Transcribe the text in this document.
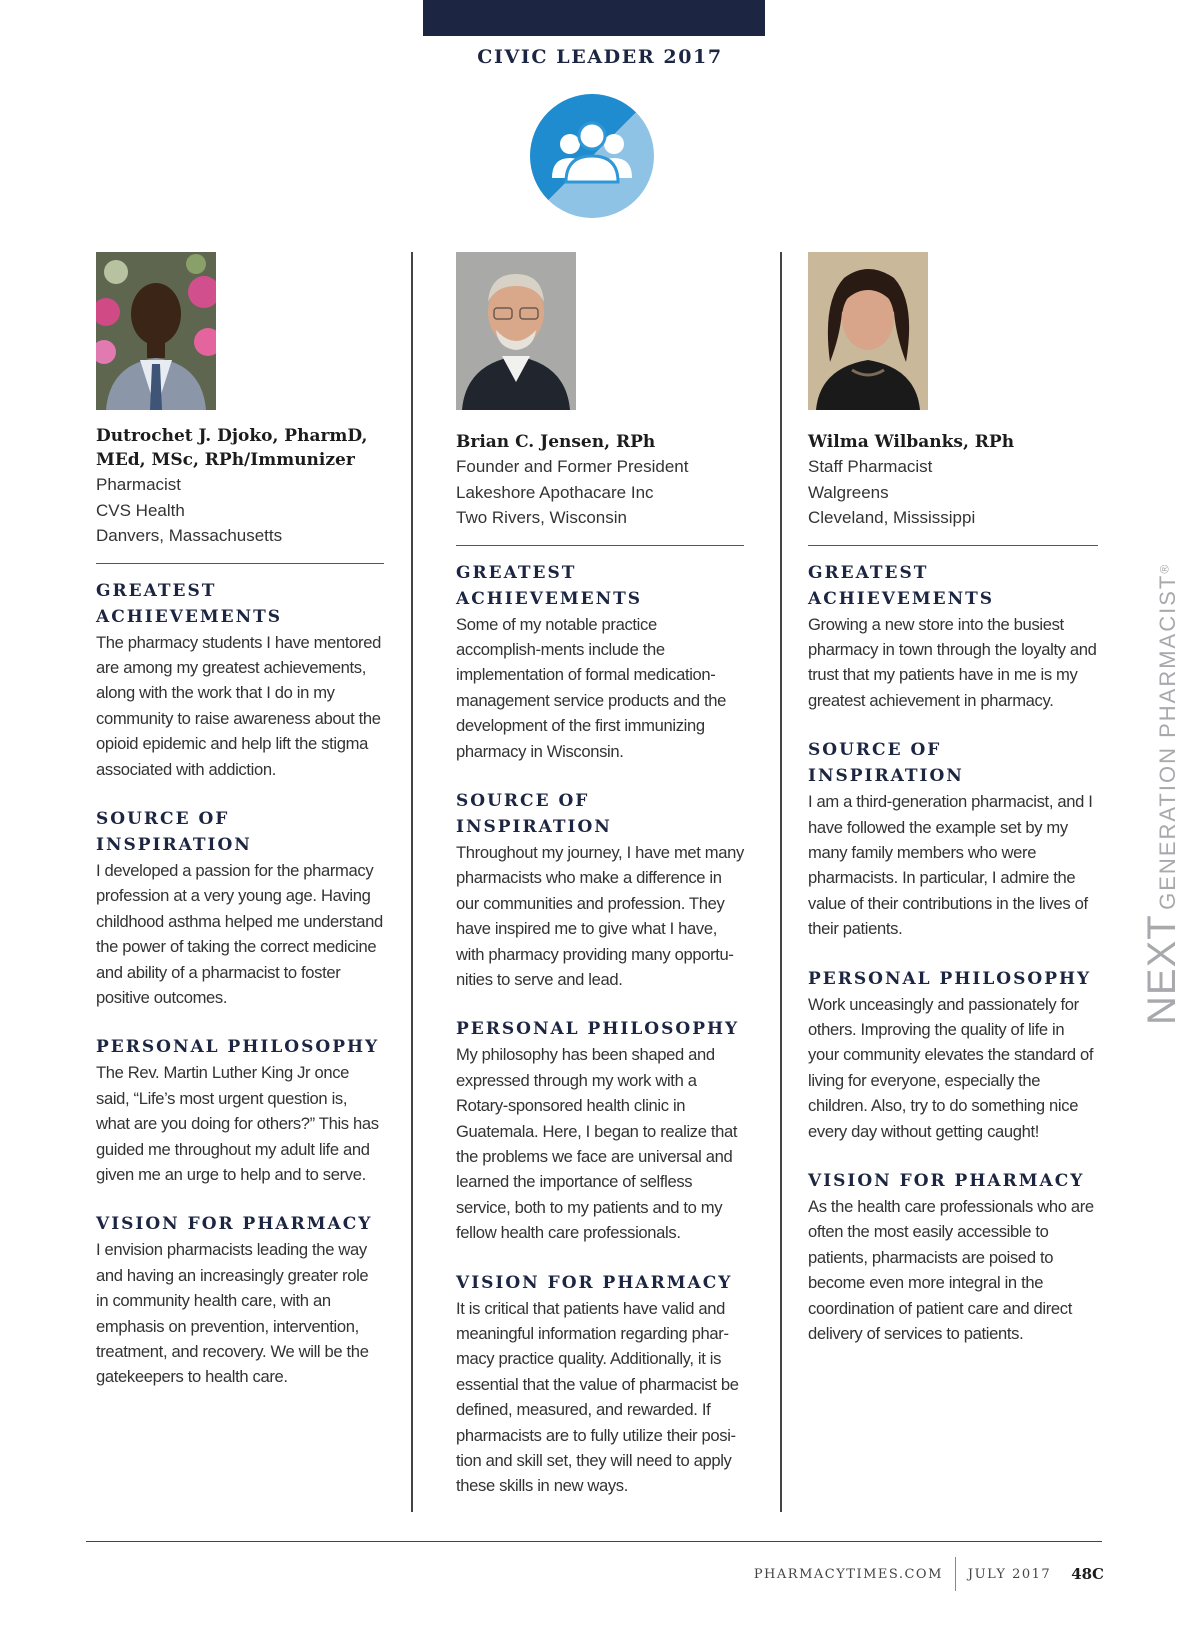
CIVIC LEADER 2017
Dutrochet J. Djoko, PharmD,
MEd, MSc, RPh/Immunizer
Pharmacist
CVS Health
Danvers, Massachusetts
GREATEST ACHIEVEMENTS
The pharmacy students I have mentored are among my greatest achievements, along with the work that I do in my community to raise awareness about the opioid epidemic and help lift the stigma associated with addiction.
SOURCE OF INSPIRATION
I developed a passion for the pharmacy profession at a very young age. Having childhood asthma helped me understand the power of taking the correct medicine and ability of a pharmacist to foster positive outcomes.
PERSONAL PHILOSOPHY
The Rev. Martin Luther King Jr once said, “Life’s most urgent question is, what are you doing for others?” This has guided me throughout my adult life and given me an urge to help and to serve.
VISION FOR PHARMACY
I envision pharmacists leading the way and having an increasingly greater role in community health care, with an emphasis on prevention, intervention, treatment, and recovery. We will be the gatekeepers to health care.
Brian C. Jensen, RPh
Founder and Former President
Lakeshore Apothacare Inc
Two Rivers, Wisconsin
GREATEST ACHIEVEMENTS
Some of my notable practice accomplish-ments include the implementation of formal medication-management service products and the development of the first immunizing pharmacy in Wisconsin.
SOURCE OF INSPIRATION
Throughout my journey, I have met many pharmacists who make a difference in our communities and profession. They have inspired me to give what I have, with pharmacy providing many opportu-nities to serve and lead.
PERSONAL PHILOSOPHY
My philosophy has been shaped and expressed through my work with a Rotary-sponsored health clinic in Guatemala. Here, I began to realize that the problems we face are universal and learned the importance of selfless service, both to my patients and to my fellow health care professionals.
VISION FOR PHARMACY
It is critical that patients have valid and meaningful information regarding phar-macy practice quality. Additionally, it is essential that the value of pharmacist be defined, measured, and rewarded. If pharmacists are to fully utilize their posi-tion and skill set, they will need to apply these skills in new ways.
Wilma Wilbanks, RPh
Staff Pharmacist
Walgreens
Cleveland, Mississippi
GREATEST ACHIEVEMENTS
Growing a new store into the busiest pharmacy in town through the loyalty and trust that my patients have in me is my greatest achievement in pharmacy.
SOURCE OF INSPIRATION
I am a third-generation pharmacist, and I have followed the example set by my many family members who were pharmacists. In particular, I admire the value of their contributions in the lives of their patients.
PERSONAL PHILOSOPHY
Work unceasingly and passionately for others. Improving the quality of life in your community elevates the standard of living for everyone, especially the children. Also, try to do something nice every day without getting caught!
VISION FOR PHARMACY
As the health care professionals who are often the most easily accessible to patients, pharmacists are poised to become even more integral in the coordination of patient care and direct delivery of services to patients.
NEXT GENERATION PHARMACIST®
PHARMACYTIMES.COM JULY 2017 48C
